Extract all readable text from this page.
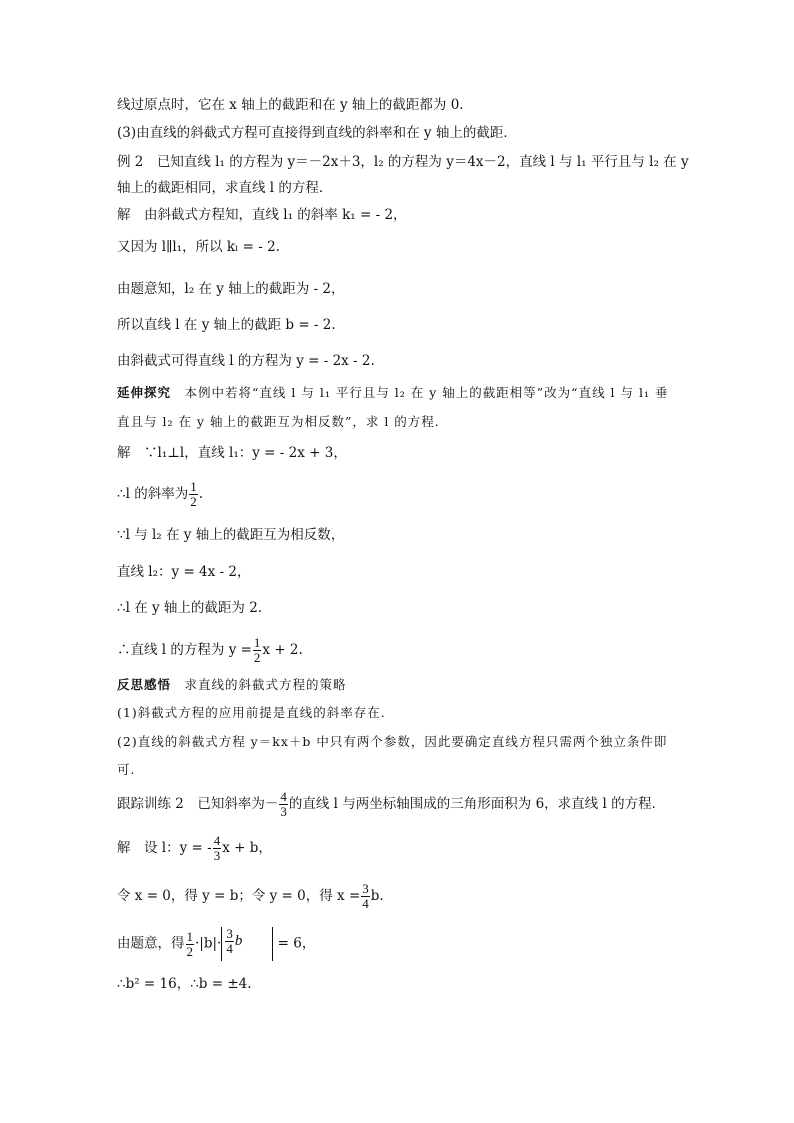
线过原点时，它在 x 轴上的截距和在 y 轴上的截距都为 0.
(3)由直线的斜截式方程可直接得到直线的斜率和在 y 轴上的截距．
例 2　已知直线 l₁ 的方程为 y＝－2x＋3，l₂ 的方程为 y＝4x－2，直线 l 与 l₁ 平行且与 l₂ 在 y
轴上的截距相同，求直线 l 的方程．
解　由斜截式方程知，直线 l₁ 的斜率 k₁ = - 2，
又因为 l∥l₁，所以 kₗ = - 2.
由题意知，l₂ 在 y 轴上的截距为 - 2，
所以直线 l 在 y 轴上的截距 b = - 2.
由斜截式可得直线 l 的方程为 y = - 2x - 2.
延伸探究　 本例中若将“直线 l 与 l₁ 平行且与 l₂ 在 y 轴上的截距相等”改为“直线 l 与 l₁ 垂
直且与 l₂ 在 y 轴上的截距互为相反数”，求 l 的方程.
解　∵l₁⊥l，直线 l₁：y = - 2x + 3，
∴l 的斜率为 $\frac{1}{2}$ .
∵l 与 l₂ 在 y 轴上的截距互为相反数，
直线 l₂：y = 4x - 2，
∴l 在 y 轴上的截距为 2.
∴直线 l 的方程为 $y = \frac{1}{2}$ x + 2.
反思感悟　 求直线的斜截式方程的策略
(1)斜截式方程的应用前提是直线的斜率存在.
(2)直线的斜截式方程 y＝kx＋b 中只有两个参数，因此要确定直线方程只需两个独立条件即
可.
跟踪训练 2　已知斜率为－ $\frac{4}{3}$ 的直线 l 与两坐标轴围成的三角形面积为 6，求直线 l 的方程．
解　设 l：y = - $\frac{4}{3}$ x + b，
令 x = 0，得 y = b；令 y = 0，得 $x = \frac{3}{4} b$.
由题意，得 $\frac{1}{2} \cdot|b|\cdot \frac{3}{4}$ b	= 6，
∴b² = 16，∴b = ±4.
